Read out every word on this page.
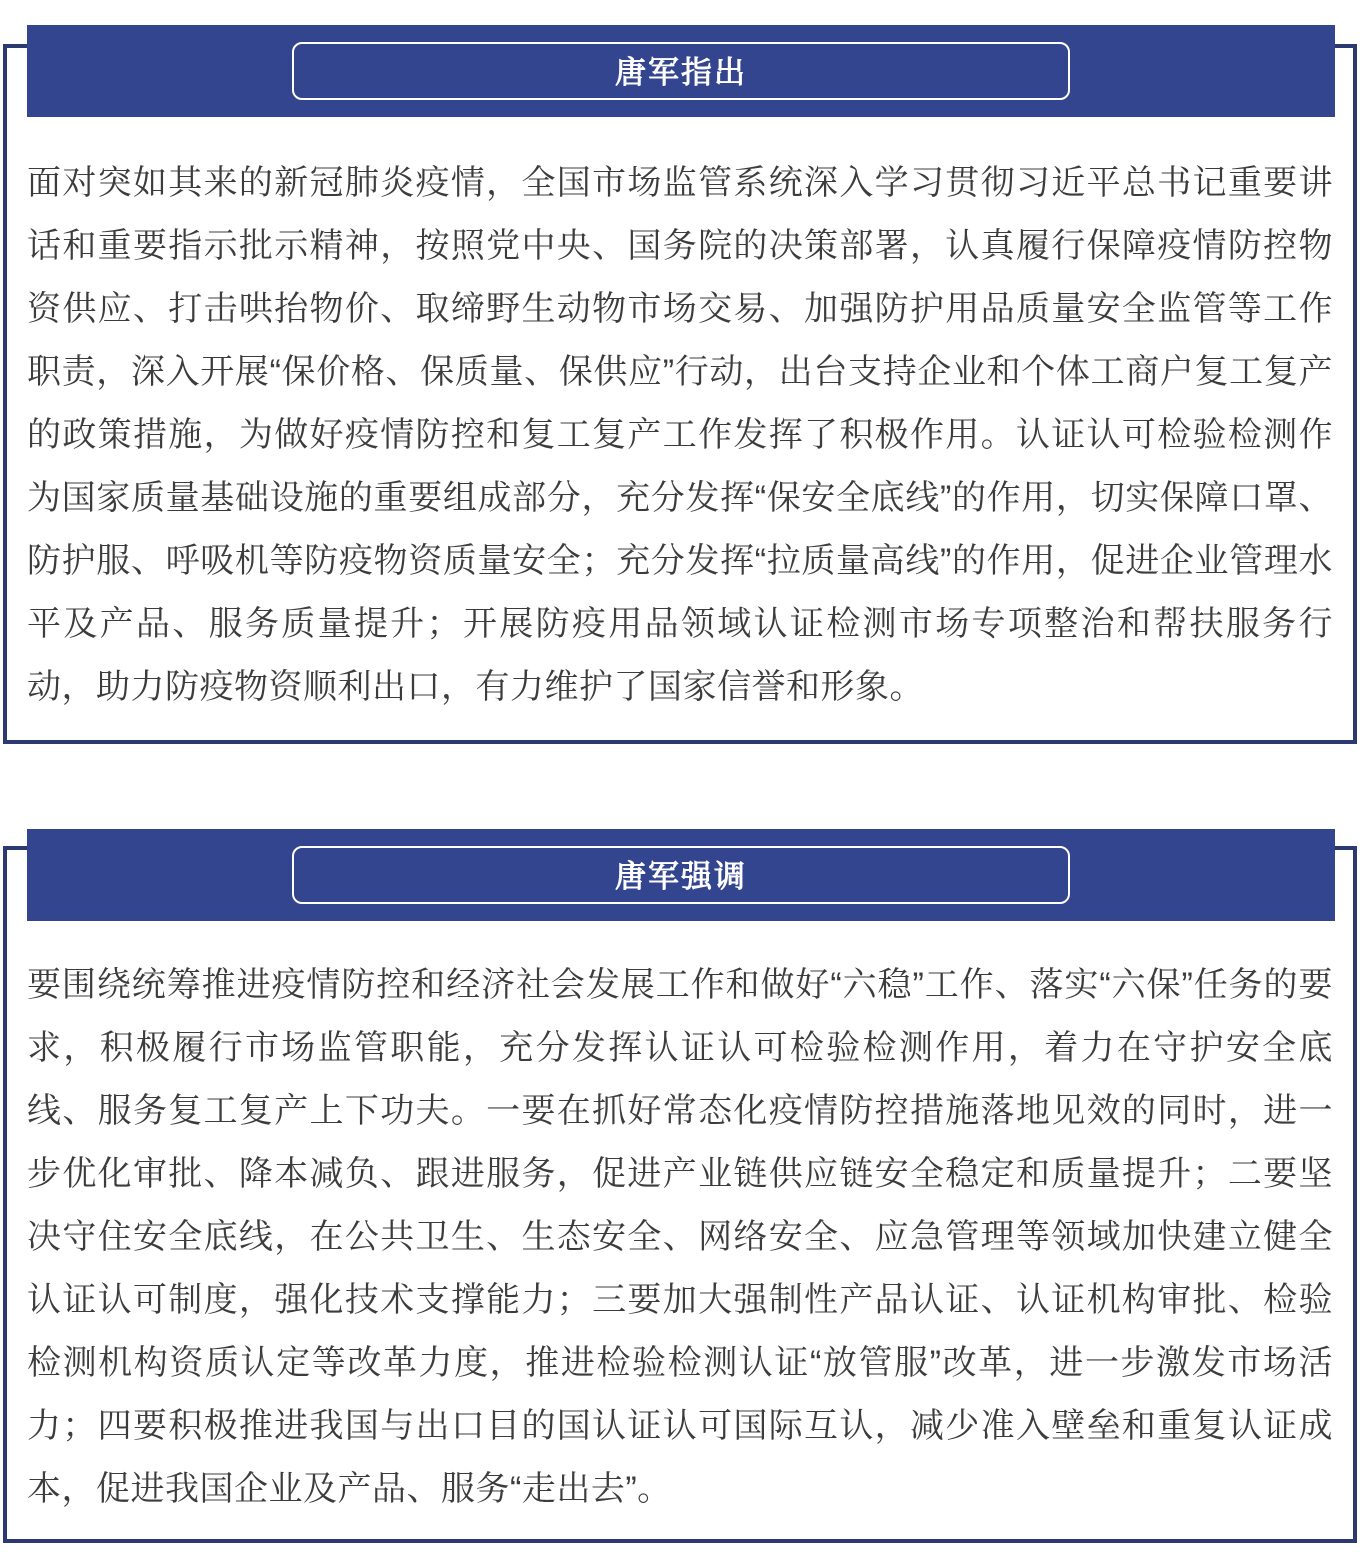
面对突如其来的新冠肺炎疫情，全国市场监管系统深入学习贯彻习近平总书记重要讲话和重要指示批示精神，按照党中央、国务院的决策部署，认真履行保障疫情防控物资供应、打击哄抬物价、取缔野生动物市场交易、加强防护用品质量安全监管等工作职责，深入开展“保价格、保质量、保供应”行动，出台支持企业和个体工商户复工复产的政策措施，为做好疫情防控和复工复产工作发挥了积极作用。认证认可检验检测作为国家质量基础设施的重要组成部分，充分发挥“保安全底线”的作用，切实保障口罩、防护服、呼吸机等防疫物资质量安全；充分发挥“拉质量高线”的作用，促进企业管理水平及产品、服务质量提升；开展防疫用品领域认证检测市场专项整治和帮扶服务行动，助力防疫物资顺利出口，有力维护了国家信誉和形象。

唐军指出

要围绕统筹推进疫情防控和经济社会发展工作和做好“六稳”工作、落实“六保”任务的要求，积极履行市场监管职能，充分发挥认证认可检验检测作用，着力在守护安全底线、服务复工复产上下功夫。一要在抓好常态化疫情防控措施落地见效的同时，进一步优化审批、降本减负、跟进服务，促进产业链供应链安全稳定和质量提升；二要坚决守住安全底线，在公共卫生、生态安全、网络安全、应急管理等领域加快建立健全认证认可制度，强化技术支撑能力；三要加大强制性产品认证、认证机构审批、检验检测机构资质认定等改革力度，推进检验检测认证“放管服”改革，进一步激发市场活力；四要积极推进我国与出口目的国认证认可国际互认，减少准入壁垒和重复认证成本，促进我国企业及产品、服务“走出去”。

唐军强调
